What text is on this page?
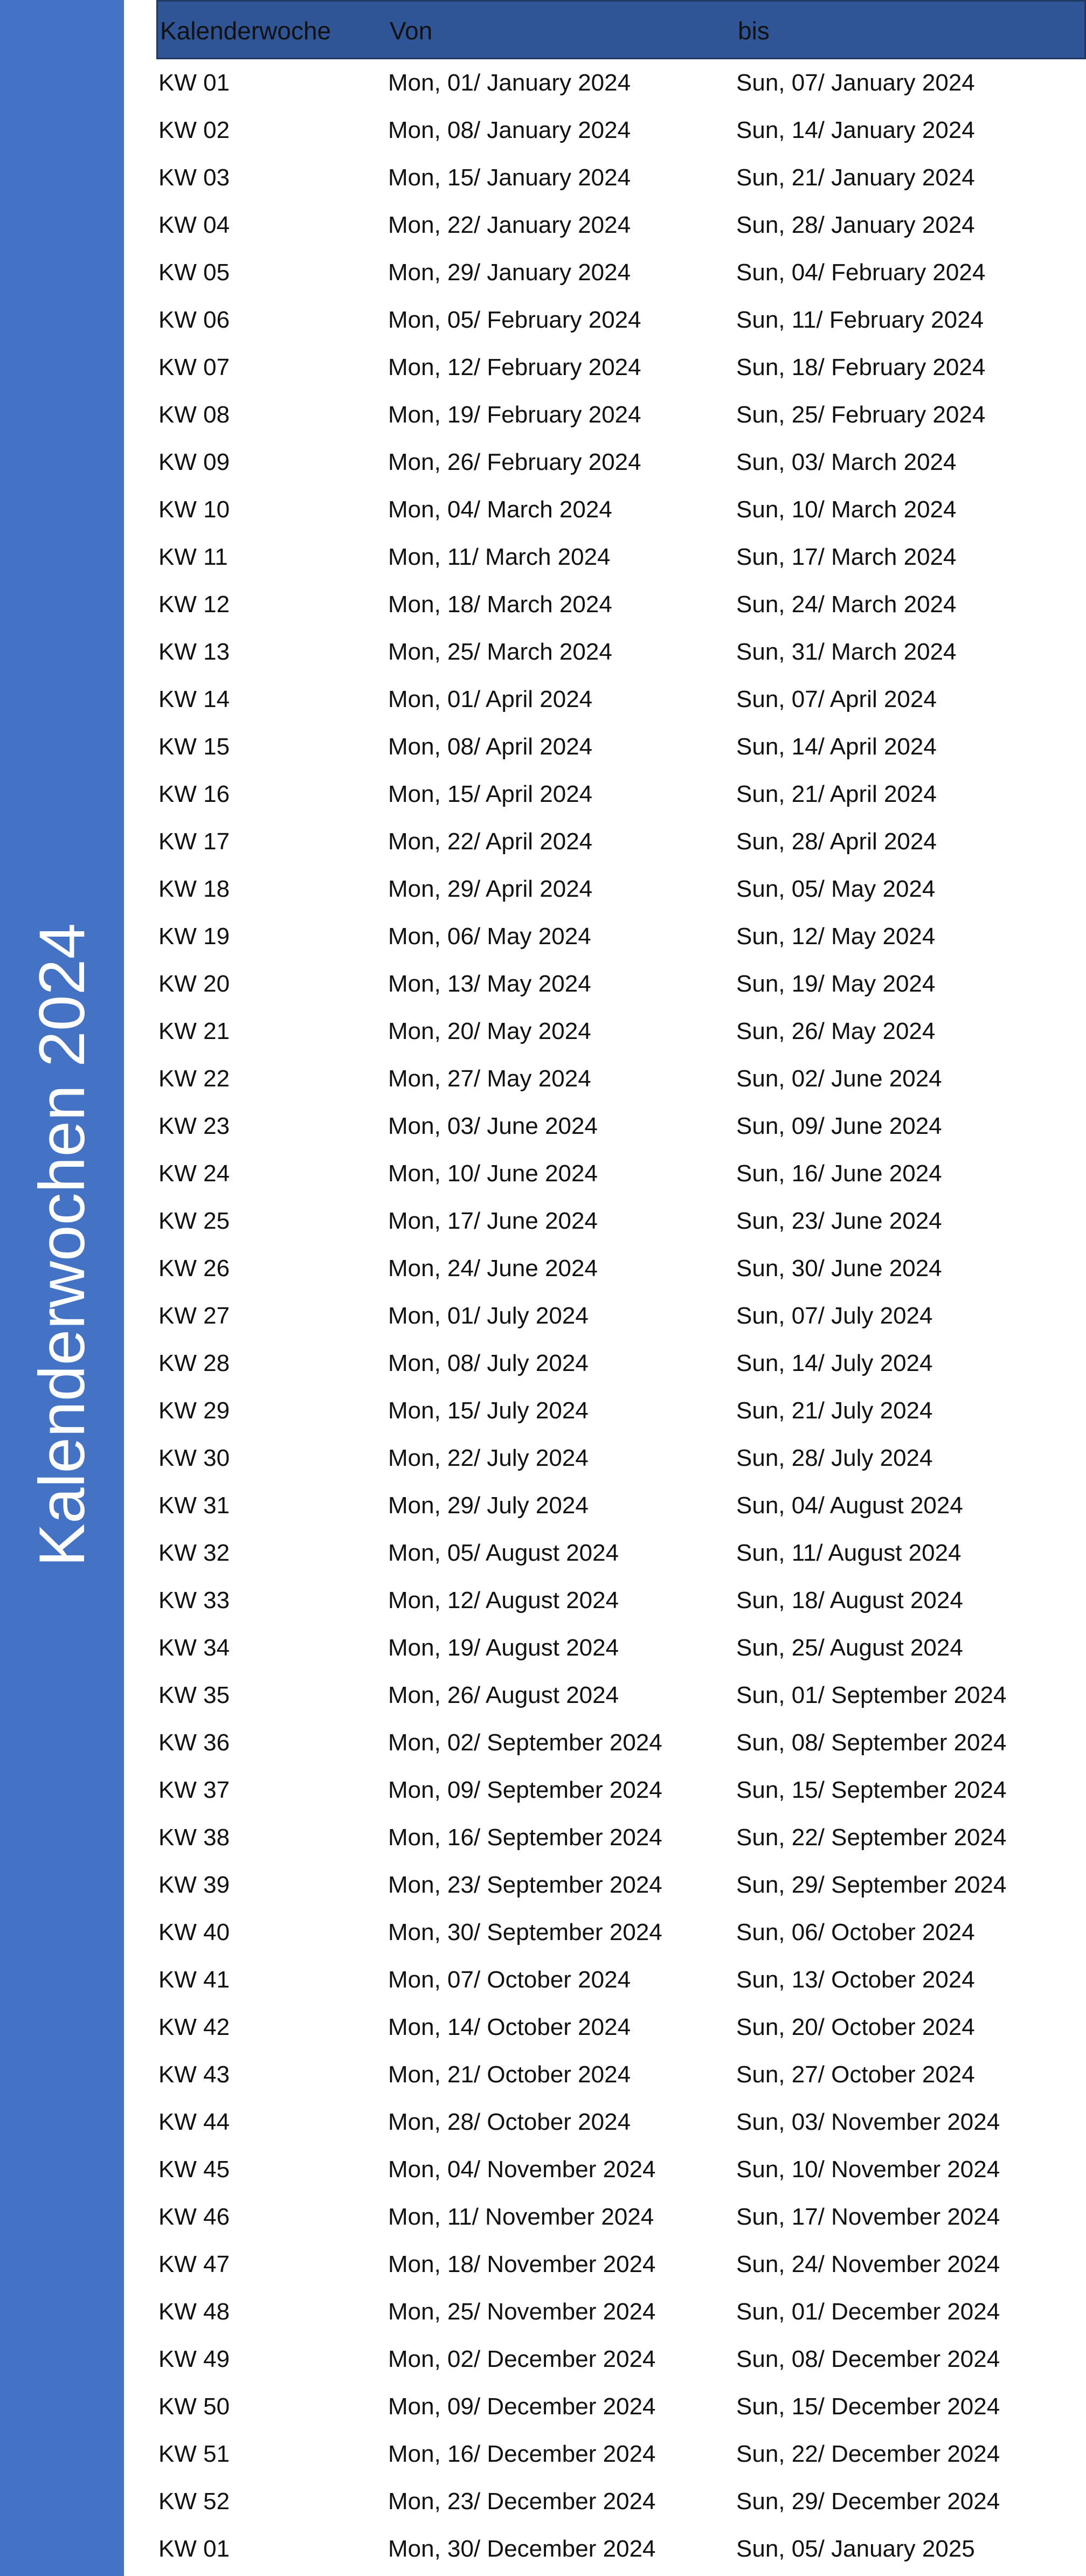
Kalenderwochen 2024
Kalenderwoche Von	bis
KW 01	Mon, 01/ January 2024	Sun, 07/ January 2024
KW 02	Mon, 08/ January 2024	Sun, 14/ January 2024
KW 03	Mon, 15/ January 2024	Sun, 21/ January 2024
KW 04	Mon, 22/ January 2024	Sun, 28/ January 2024
KW 05	Mon, 29/ January 2024	Sun, 04/ February 2024
KW 06	Mon, 05/ February 2024	Sun, 11/ February 2024
KW 07	Mon, 12/ February 2024	Sun, 18/ February 2024
KW 08	Mon, 19/ February 2024	Sun, 25/ February 2024
KW 09	Mon, 26/ February 2024	Sun, 03/ March 2024
KW 10	Mon, 04/ March 2024	Sun, 10/ March 2024
KW 11	Mon, 11/ March 2024	Sun, 17/ March 2024
KW 12	Mon, 18/ March 2024	Sun, 24/ March 2024
KW 13	Mon, 25/ March 2024	Sun, 31/ March 2024
KW 14	Mon, 01/ April 2024	Sun, 07/ April 2024
KW 15	Mon, 08/ April 2024	Sun, 14/ April 2024
KW 16	Mon, 15/ April 2024	Sun, 21/ April 2024
KW 17	Mon, 22/ April 2024	Sun, 28/ April 2024
KW 18	Mon, 29/ April 2024	Sun, 05/ May 2024
KW 19	Mon, 06/ May 2024	Sun, 12/ May 2024
KW 20	Mon, 13/ May 2024	Sun, 19/ May 2024
KW 21	Mon, 20/ May 2024	Sun, 26/ May 2024
KW 22	Mon, 27/ May 2024	Sun, 02/ June 2024
KW 23	Mon, 03/ June 2024	Sun, 09/ June 2024
KW 24	Mon, 10/ June 2024	Sun, 16/ June 2024
KW 25	Mon, 17/ June 2024	Sun, 23/ June 2024
KW 26	Mon, 24/ June 2024	Sun, 30/ June 2024
KW 27	Mon, 01/ July 2024	Sun, 07/ July 2024
KW 28	Mon, 08/ July 2024	Sun, 14/ July 2024
KW 29	Mon, 15/ July 2024	Sun, 21/ July 2024
KW 30	Mon, 22/ July 2024	Sun, 28/ July 2024
KW 31	Mon, 29/ July 2024	Sun, 04/ August 2024
KW 32	Mon, 05/ August 2024	Sun, 11/ August 2024
KW 33	Mon, 12/ August 2024	Sun, 18/ August 2024
KW 34	Mon, 19/ August 2024	Sun, 25/ August 2024
KW 35	Mon, 26/ August 2024	Sun, 01/ September 2024
KW 36	Mon, 02/ September 2024	Sun, 08/ September 2024
KW 37	Mon, 09/ September 2024	Sun, 15/ September 2024
KW 38	Mon, 16/ September 2024	Sun, 22/ September 2024
KW 39	Mon, 23/ September 2024	Sun, 29/ September 2024
KW 40	Mon, 30/ September 2024	Sun, 06/ October 2024
KW 41	Mon, 07/ October 2024	Sun, 13/ October 2024
KW 42	Mon, 14/ October 2024	Sun, 20/ October 2024
KW 43	Mon, 21/ October 2024	Sun, 27/ October 2024
KW 44	Mon, 28/ October 2024	Sun, 03/ November 2024
KW 45	Mon, 04/ November 2024	Sun, 10/ November 2024
KW 46	Mon, 11/ November 2024	Sun, 17/ November 2024
KW 47	Mon, 18/ November 2024	Sun, 24/ November 2024
KW 48	Mon, 25/ November 2024	Sun, 01/ December 2024
KW 49	Mon, 02/ December 2024	Sun, 08/ December 2024
KW 50	Mon, 09/ December 2024	Sun, 15/ December 2024
KW 51	Mon, 16/ December 2024	Sun, 22/ December 2024
KW 52	Mon, 23/ December 2024	Sun, 29/ December 2024
KW 01	Mon, 30/ December 2024	Sun, 05/ January 2025
